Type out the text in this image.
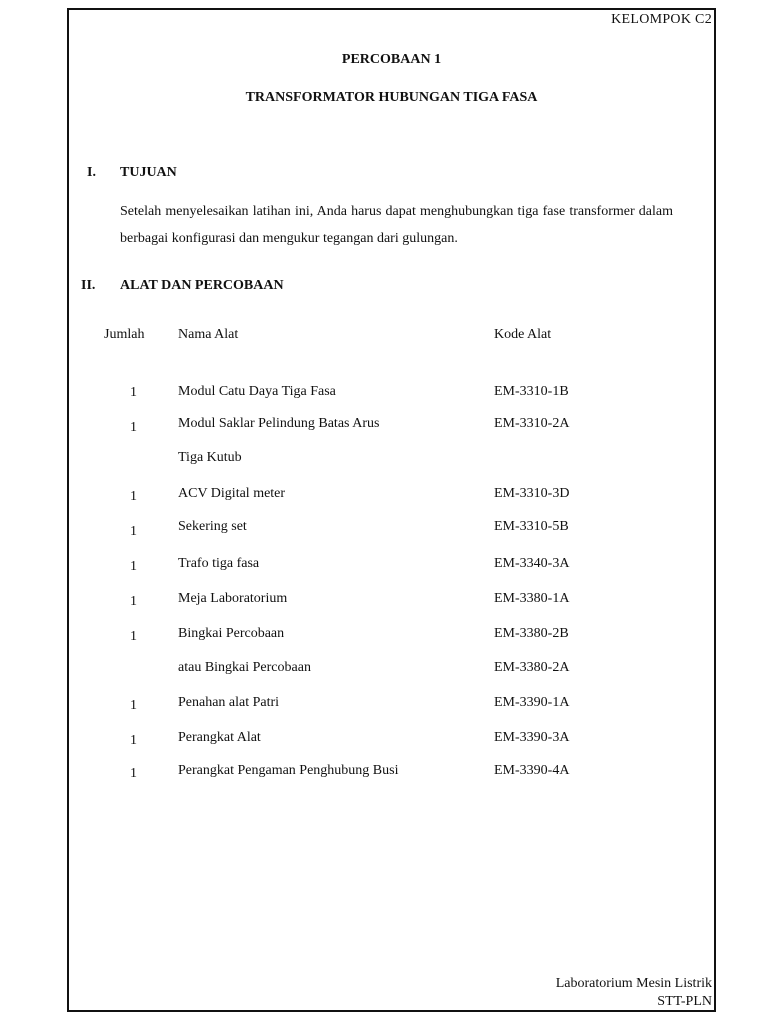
KELOMPOK C2
PERCOBAAN 1
TRANSFORMATOR HUBUNGAN TIGA FASA
I. TUJUAN
Setelah menyelesaikan latihan ini, Anda harus dapat menghubungkan tiga fase transformer dalam berbagai konfigurasi dan mengukur tegangan dari gulungan.
II. ALAT DAN PERCOBAAN
Jumlah Nama Alat	Kode Alat
1	Modul Catu Daya Tiga Fasa	EM-3310-1B
1	Modul Saklar Pelindung Batas Arus	EM-3310-2A
Tiga Kutub
1	ACV Digital meter	EM-3310-3D
1	Sekering set	EM-3310-5B
1	Trafo tiga fasa	EM-3340-3A
1	Meja Laboratorium	EM-3380-1A
1	Bingkai Percobaan	EM-3380-2B
atau Bingkai Percobaan	EM-3380-2A
1	Penahan alat Patri	EM-3390-1A
1	Perangkat Alat	EM-3390-3A
1	Perangkat Pengaman Penghubung Busi	EM-3390-4A
Laboratorium Mesin Listrik
STT-PLN
